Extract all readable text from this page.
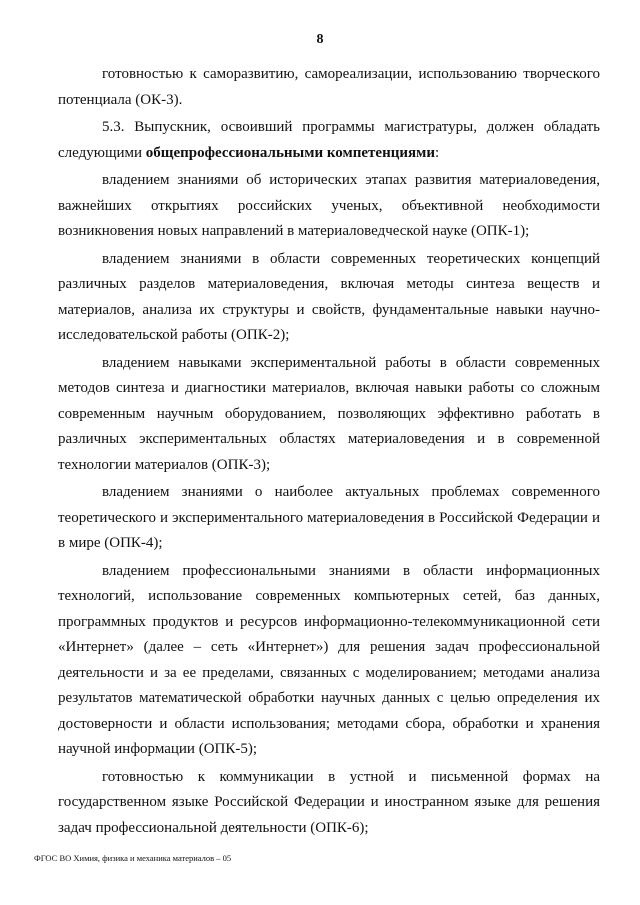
8

готовностью к саморазвитию, самореализации, использованию творческого потенциала (ОК-3).

5.3. Выпускник, освоивший программы магистратуры, должен обладать следующими общепрофессиональными компетенциями:

владением знаниями об исторических этапах развития материаловедения, важнейших открытиях российских ученых, объективной необходимости возникновения новых направлений в материаловедческой науке (ОПК-1);

владением знаниями в области современных теоретических концепций различных разделов материаловедения, включая методы синтеза веществ и материалов, анализа их структуры и свойств, фундаментальные навыки научно-исследовательской работы (ОПК-2);

владением навыками экспериментальной работы в области современных методов синтеза и диагностики материалов, включая навыки работы со сложным современным научным оборудованием, позволяющих эффективно работать в различных экспериментальных областях материаловедения и в современной технологии материалов (ОПК-3);

владением знаниями о наиболее актуальных проблемах современного теоретического и экспериментального материаловедения в Российской Федерации и в мире (ОПК-4);

владением профессиональными знаниями в области информационных технологий, использование современных компьютерных сетей, баз данных, программных продуктов и ресурсов информационно-телекоммуникационной сети «Интернет» (далее – сеть «Интернет») для решения задач профессиональной деятельности и за ее пределами, связанных с моделированием; методами анализа результатов математической обработки научных данных с целью определения их достоверности и области использования; методами сбора, обработки и хранения научной информации (ОПК-5);

готовностью к коммуникации в устной и письменной формах на государственном языке Российской Федерации и иностранном языке для решения задач профессиональной деятельности (ОПК-6);

ФГОС ВО Химия, физика и механика материалов – 05
